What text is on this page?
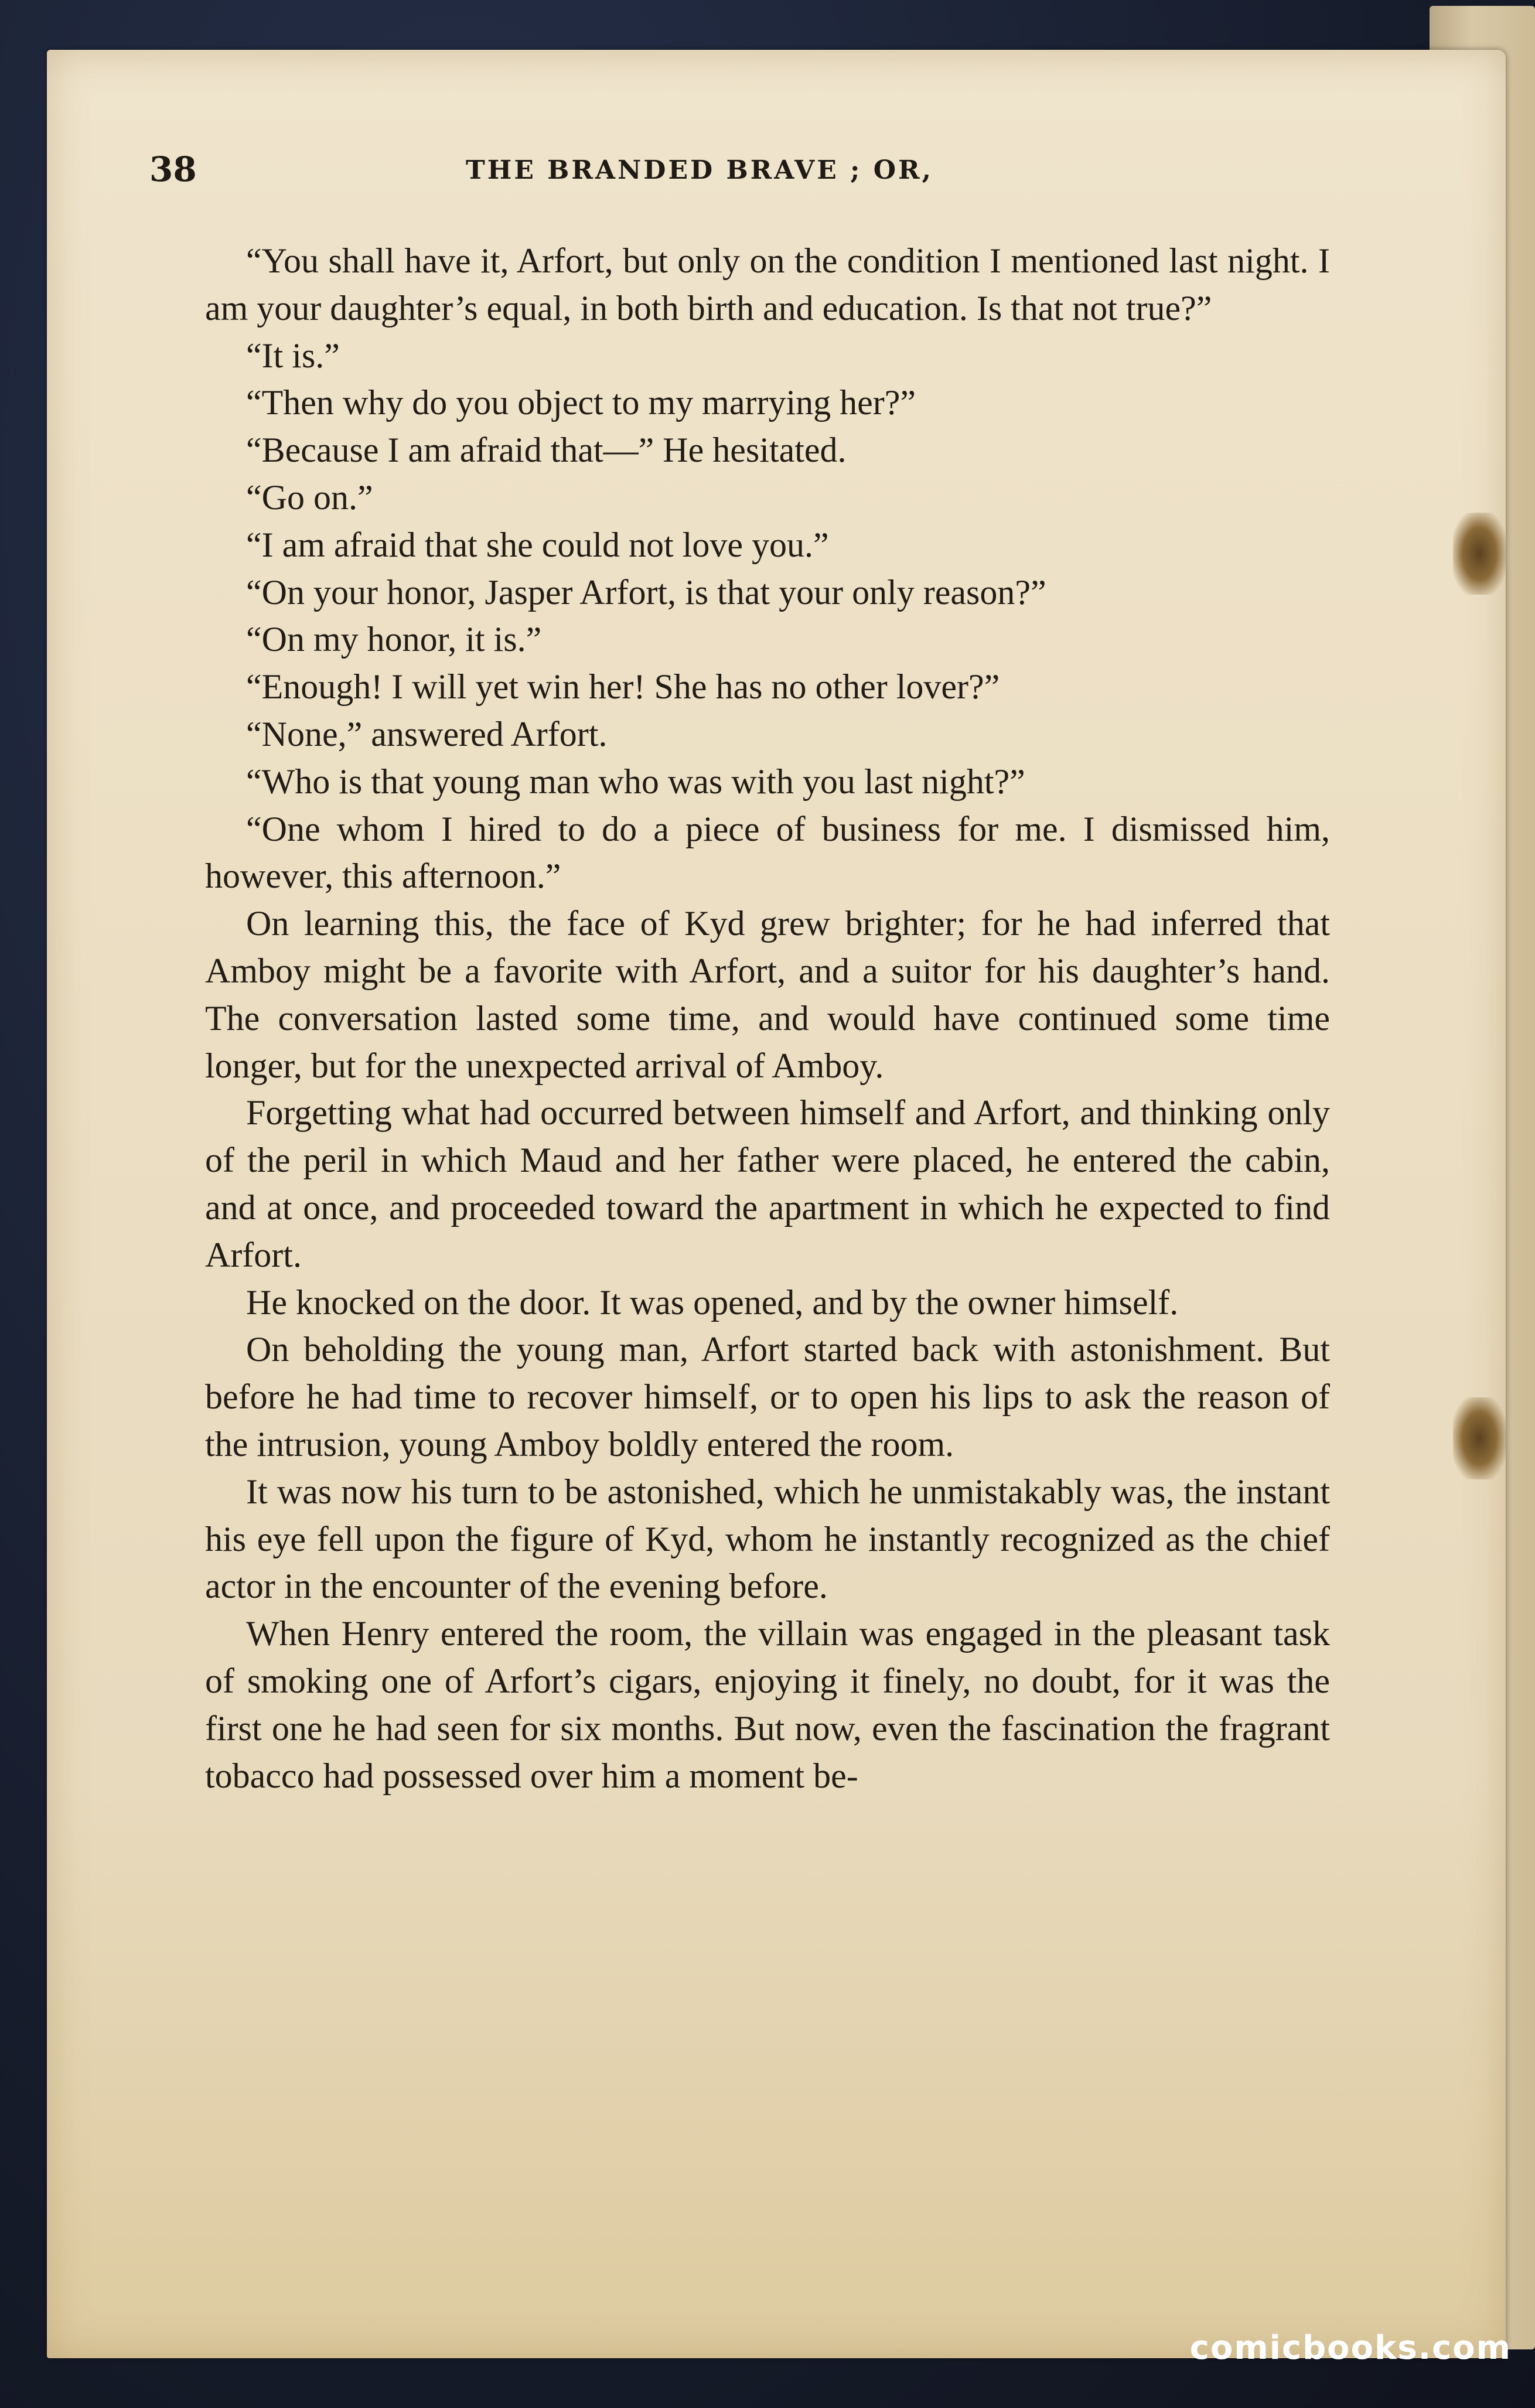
38	THE BRANDED BRAVE ; OR,

“You shall have it, Arfort, but only on the condition I mentioned last night. I am your daughter’s equal, in both birth and education. Is that not true?”

“It is.”

“Then why do you object to my marrying her?”

“Because I am afraid that—” He hesitated.

“Go on.”

“I am afraid that she could not love you.”

“On your honor, Jasper Arfort, is that your only reason?”

“On my honor, it is.”

“Enough! I will yet win her! She has no other lover?”

“None,” answered Arfort.

“Who is that young man who was with you last night?”

“One whom I hired to do a piece of business for me. I dismissed him, however, this afternoon.”

On learning this, the face of Kyd grew brighter; for he had inferred that Amboy might be a favorite with Arfort, and a suitor for his daughter’s hand. The conversation lasted some time, and would have continued some time longer, but for the unexpected arrival of Amboy.

Forgetting what had occurred between himself and Arfort, and thinking only of the peril in which Maud and her father were placed, he entered the cabin, and at once, and proceeded toward the apartment in which he expected to find Arfort.

He knocked on the door. It was opened, and by the owner himself.

On beholding the young man, Arfort started back with astonishment. But before he had time to recover himself, or to open his lips to ask the reason of the intrusion, young Amboy boldly entered the room.

It was now his turn to be astonished, which he unmistakably was, the instant his eye fell upon the figure of Kyd, whom he instantly recognized as the chief actor in the encounter of the evening before.

When Henry entered the room, the villain was engaged in the pleasant task of smoking one of Arfort’s cigars, enjoying it finely, no doubt, for it was the first one he had seen for six months. But now, even the fascination the fragrant tobacco had possessed over him a moment be-

comicbooks.com
